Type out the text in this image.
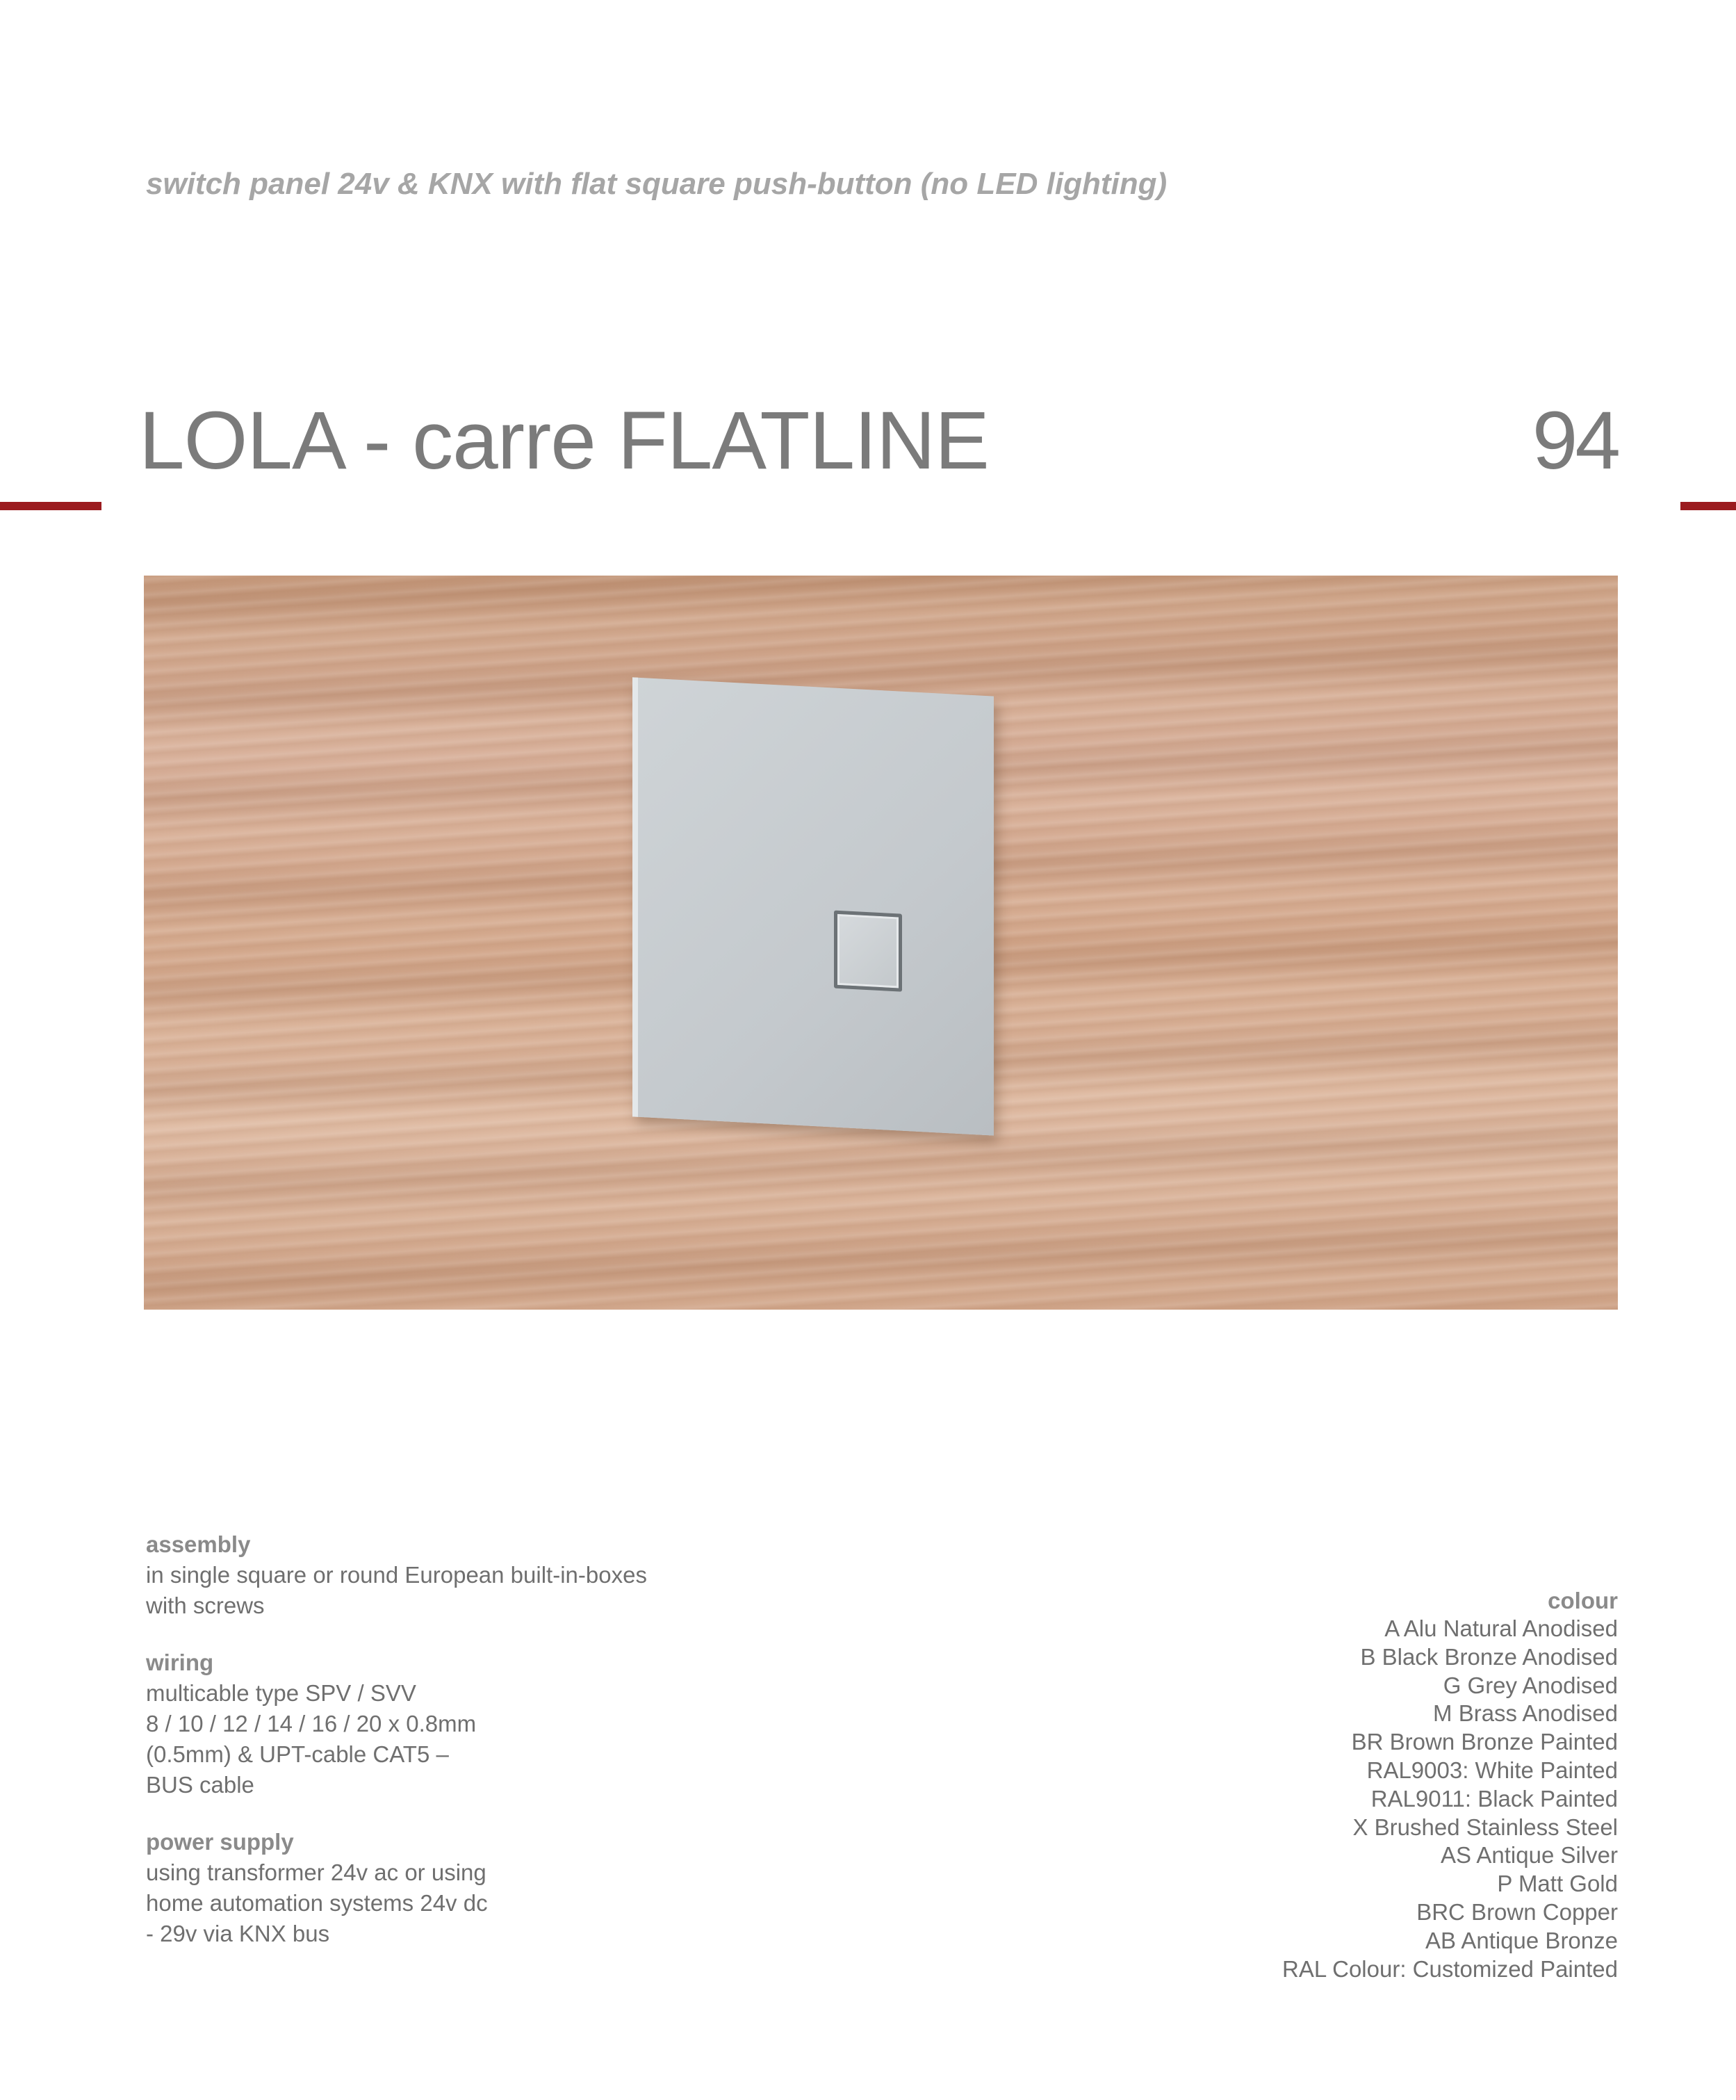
switch panel 24v & KNX with flat square push-button (no LED lighting)
LOLA - carre FLATLINE	94
assembly
in single square or round European built-in-boxes
with screws
wiring
multicable type SPV / SVV
8 / 10 / 12 / 14 / 16 / 20 x 0.8mm
(0.5mm) & UPT-cable CAT5 –
BUS cable
power supply
using transformer 24v ac or using
home automation systems 24v dc
- 29v via KNX bus
colour
A Alu Natural Anodised
B Black Bronze Anodised
G Grey Anodised
M Brass Anodised
BR Brown Bronze Painted
RAL9003: White Painted
RAL9011: Black Painted
X Brushed Stainless Steel
AS Antique Silver
P Matt Gold
BRC Brown Copper
AB Antique Bronze
RAL Colour: Customized Painted
